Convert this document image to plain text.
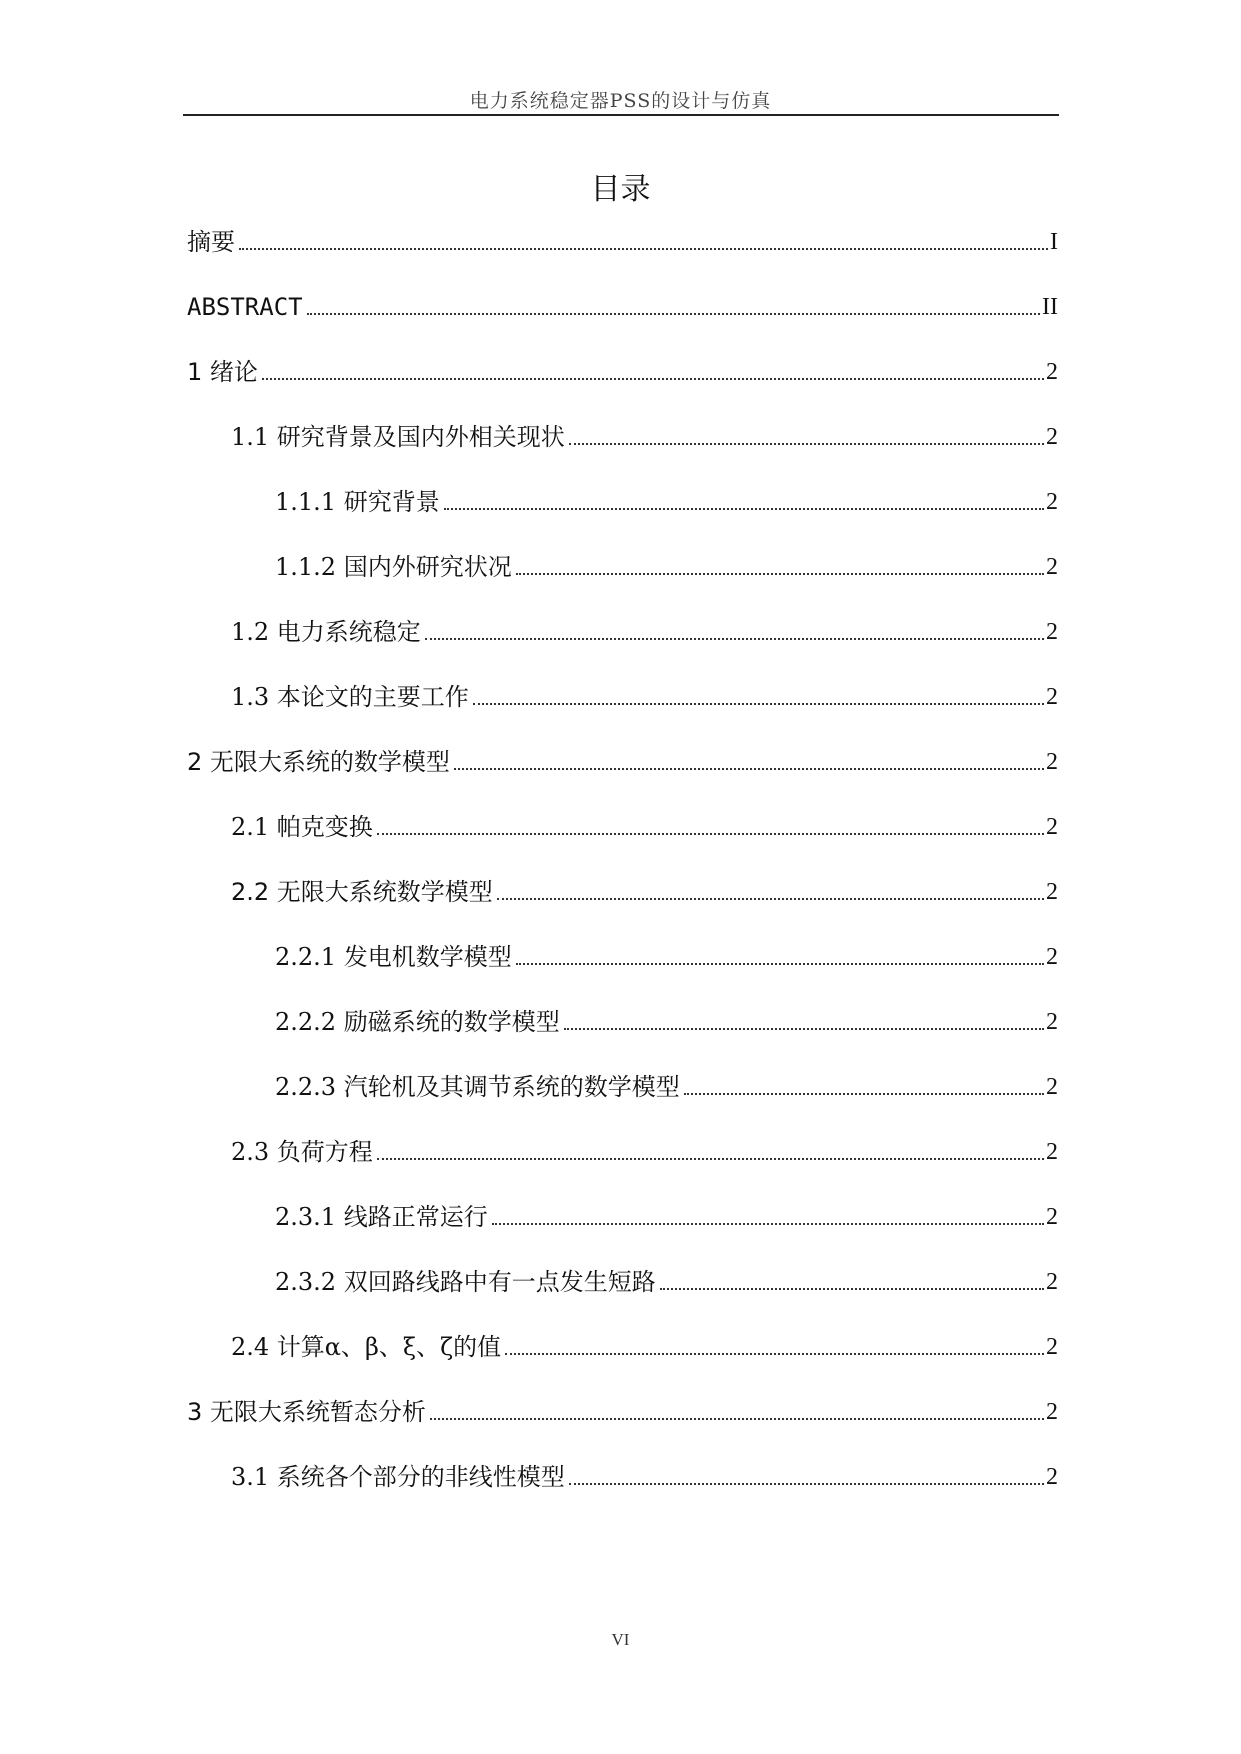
电力系统稳定器PSS的设计与仿真
目录
摘要	I
ABSTRACT	II
1 绪论	2
1.1 研究背景及国内外相关现状	2
1.1.1 研究背景	2
1.1.2 国内外研究状况	2
1.2 电力系统稳定	2
1.3 本论文的主要工作	2
2 无限大系统的数学模型	2
2.1 帕克变换	2
2.2 无限大系统数学模型	2
2.2.1 发电机数学模型	2
2.2.2 励磁系统的数学模型	2
2.2.3 汽轮机及其调节系统的数学模型	2
2.3 负荷方程	2
2.3.1 线路正常运行	2
2.3.2 双回路线路中有一点发生短路	2
2.4 计算α、β、ξ、ζ的值	2
3 无限大系统暂态分析	2
3.1 系统各个部分的非线性模型	2
VI
